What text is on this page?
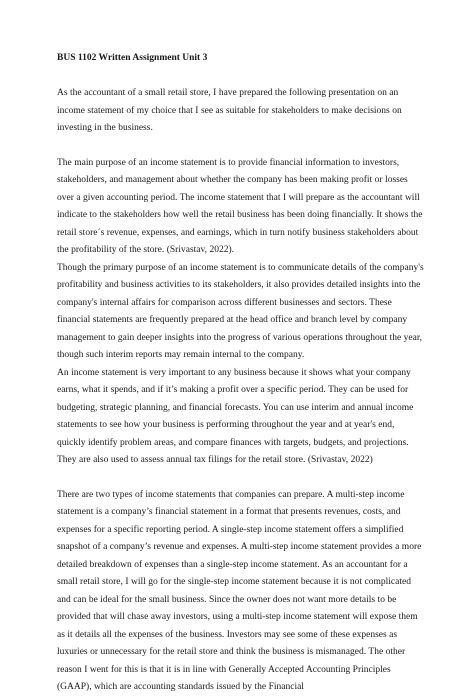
BUS 1102 Written Assignment Unit 3

As the accountant of a small retail store, I have prepared the following presentation on an income statement of my choice that I see as suitable for stakeholders to make decisions on investing in the business.

The main purpose of an income statement is to provide financial information to investors, stakeholders, and management about whether the company has been making profit or losses over a given accounting period. The income statement that I will prepare as the accountant will indicate to the stakeholders how well the retail business has been doing financially. It shows the retail store´s revenue, expenses, and earnings, which in turn notify business stakeholders about the profitability of the store. (Srivastav, 2022).

Though the primary purpose of an income statement is to communicate details of the company's profitability and business activities to its stakeholders, it also provides detailed insights into the company's internal affairs for comparison across different businesses and sectors. These financial statements are frequently prepared at the head office and branch level by company management to gain deeper insights into the progress of various operations throughout the year, though such interim reports may remain internal to the company.

An income statement is very important to any business because it shows what your company earns, what it spends, and if it’s making a profit over a specific period. They can be used for budgeting, strategic planning, and financial forecasts. You can use interim and annual income statements to see how your business is performing throughout the year and at year's end, quickly identify problem areas, and compare finances with targets, budgets, and projections. They are also used to assess annual tax filings for the retail store. (Srivastav, 2022)

There are two types of income statements that companies can prepare. A multi-step income statement is a company’s financial statement in a format that presents revenues, costs, and expenses for a specific reporting period. A single-step income statement offers a simplified snapshot of a company’s revenue and expenses. A multi-step income statement provides a more detailed breakdown of expenses than a single-step income statement. As an accountant for a small retail store, I will go for the single-step income statement because it is not complicated and can be ideal for the small business. Since the owner does not want more details to be provided that will chase away investors, using a multi-step income statement will expose them as it details all the expenses of the business. Investors may see some of these expenses as luxuries or unnecessary for the retail store and think the business is mismanaged. The other reason I went for this is that it is in line with Generally Accepted Accounting Principles (GAAP), which are accounting standards issued by the Financial
